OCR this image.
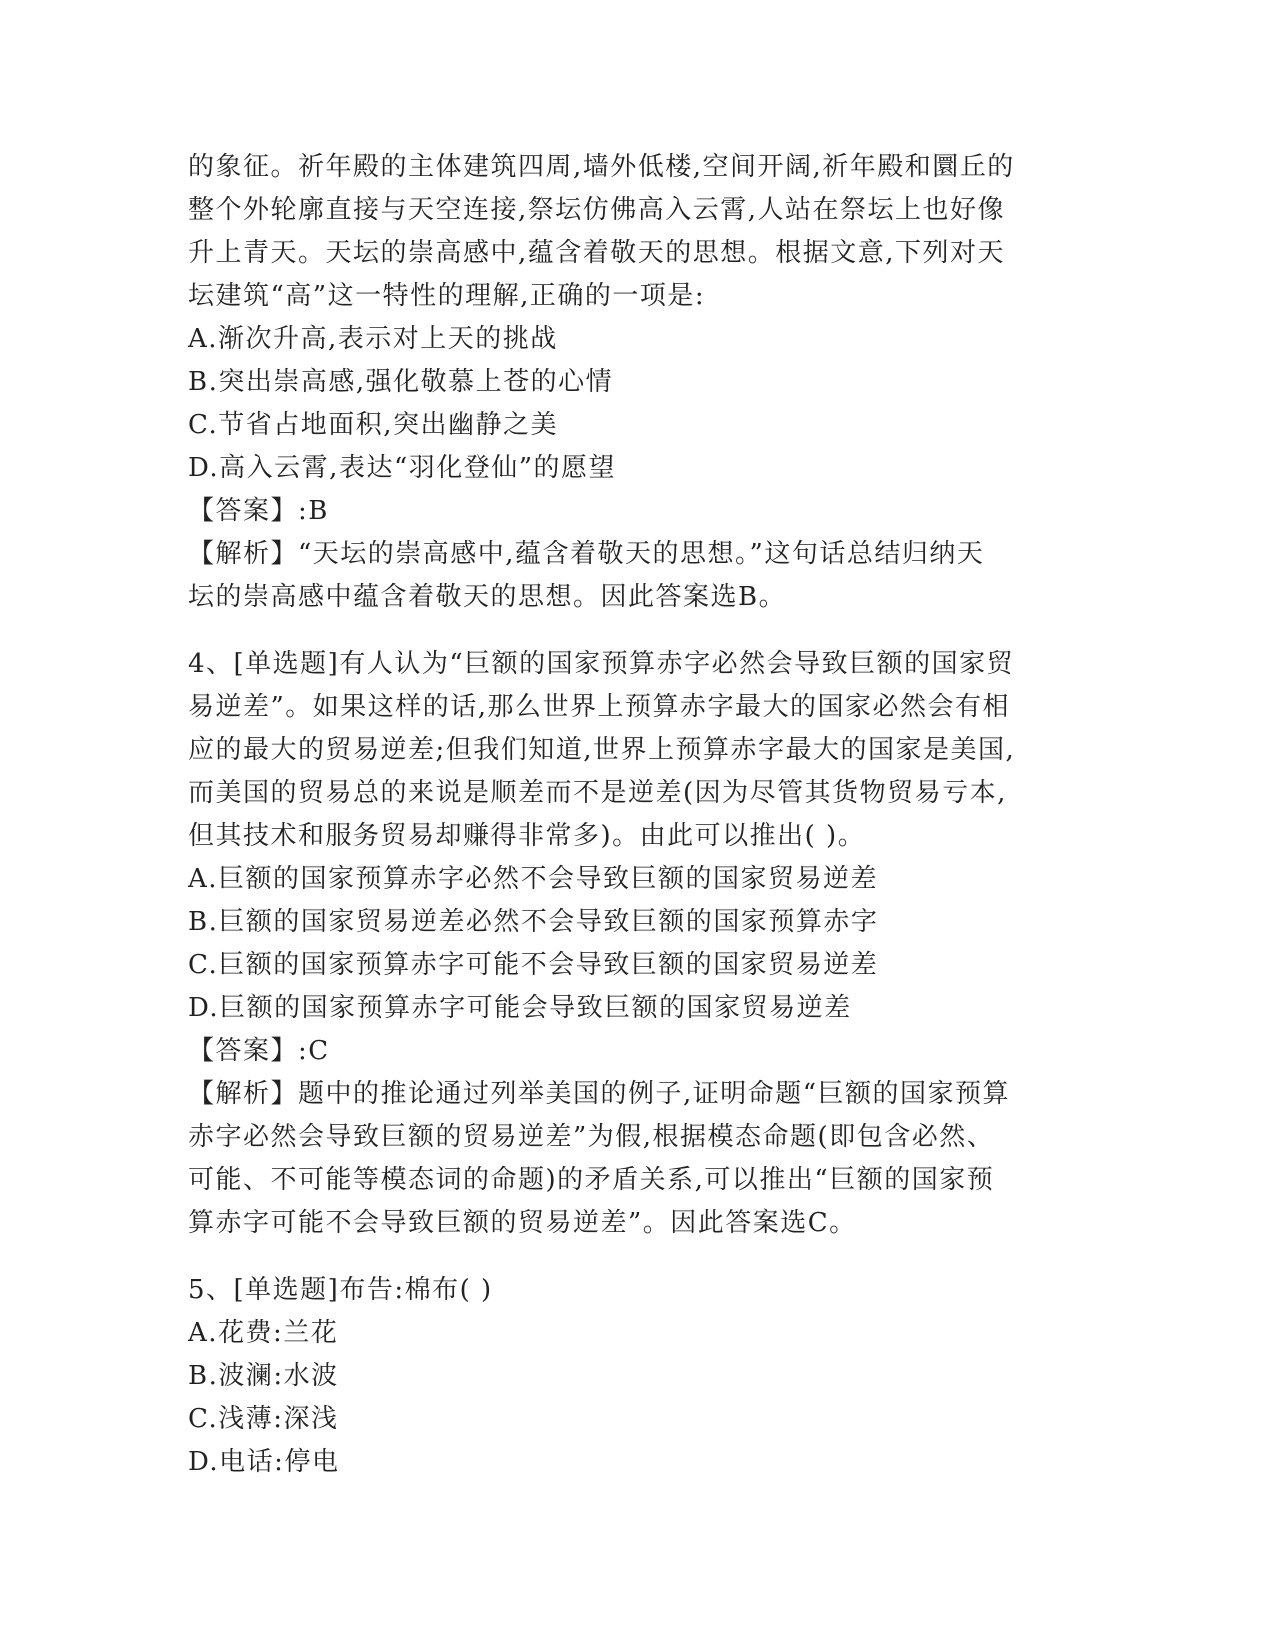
的象征。祈年殿的主体建筑四周,墙外低楼,空间开阔,祈年殿和圜丘的
整个外轮廓直接与天空连接,祭坛仿佛高入云霄,人站在祭坛上也好像
升上青天。天坛的崇高感中,蕴含着敬天的思想。根据文意,下列对天
坛建筑“高”这一特性的理解,正确的一项是:
A.渐次升高,表示对上天的挑战
B.突出崇高感,强化敬慕上苍的心情
C.节省占地面积,突出幽静之美
D.高入云霄,表达“羽化登仙”的愿望
【答案】:B
【解析】“天坛的崇高感中,蕴含着敬天的思想。”这句话总结归纳天
坛的崇高感中蕴含着敬天的思想。因此答案选B。
4、[单选题]有人认为“巨额的国家预算赤字必然会导致巨额的国家贸
易逆差”。如果这样的话,那么世界上预算赤字最大的国家必然会有相
应的最大的贸易逆差;但我们知道,世界上预算赤字最大的国家是美国,
而美国的贸易总的来说是顺差而不是逆差(因为尽管其货物贸易亏本,
但其技术和服务贸易却赚得非常多)。由此可以推出( )。
A.巨额的国家预算赤字必然不会导致巨额的国家贸易逆差
B.巨额的国家贸易逆差必然不会导致巨额的国家预算赤字
C.巨额的国家预算赤字可能不会导致巨额的国家贸易逆差
D.巨额的国家预算赤字可能会导致巨额的国家贸易逆差
【答案】:C
【解析】题中的推论通过列举美国的例子,证明命题“巨额的国家预算
赤字必然会导致巨额的贸易逆差”为假,根据模态命题(即包含必然、
可能、不可能等模态词的命题)的矛盾关系,可以推出“巨额的国家预
算赤字可能不会导致巨额的贸易逆差”。因此答案选C。
5、[单选题]布告:棉布( )
A.花费:兰花
B.波澜:水波
C.浅薄:深浅
D.电话:停电
